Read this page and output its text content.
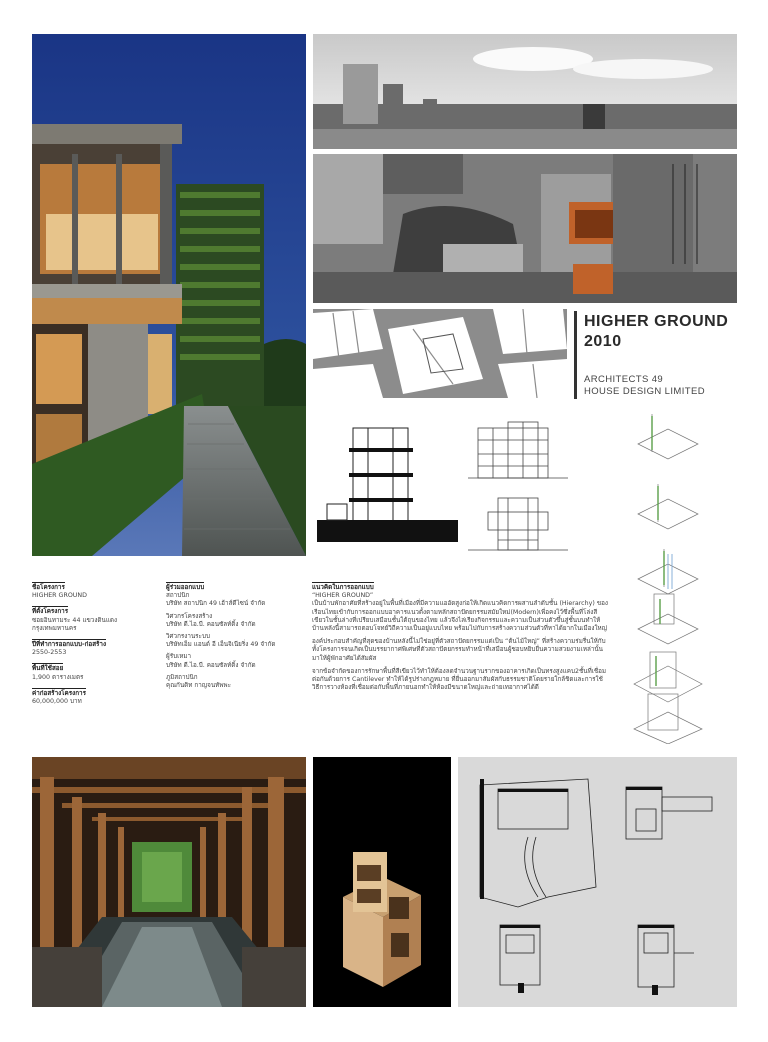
HIGHER GROUND
2010
ARCHITECTS 49
HOUSE DESIGN LIMITED
ชื่อโครงการ
HIGHER GROUND
ที่ตั้งโครงการ
ซอยอินทามระ 44 แขวงดินแดง
กรุงเทพมหานคร
ปีที่ทำการออกแบบ-ก่อสร้าง
2550-2553
พื้นที่ใช้สอย
1,900 ตารางเมตร
ค่าก่อสร้างโครงการ
60,000,000 บาท
ผู้ร่วมออกแบบ
สถาปนิก
บริษัท สถาปนิก 49 เฮ้าส์ดีไซน์ จำกัด
วิศวกรโครงสร้าง
บริษัท ดี.ไอ.บี. คอนซัลท์ติ้ง จำกัด
วิศวกรงานระบบ
บริษัทเอ็ม แอนด์ อี เอ็นจิเนียริ่ง 49 จำกัด
ผู้รับเหมา
บริษัท ดี.ไอ.บี. คอนซัลท์ติ้ง จำกัด
ภูมิสถาปนิก
คุณกันติท กาญจนทัพพะ
แนวคิดในการออกแบบ
“HIGHER GROUND”

เป็นบ้านพักอาศัยที่สร้างอยู่ในพื้นที่เมืองที่มีความแออัดสูงก่อให้เกิดแนวคิดการผสานลำดับชั้น (Hierarchy) ของเรือนไทยเข้ากับการออกแบบอาคารแนวตั้งตามหลักสถาปัตยกรรมสมัยใหม่(Modern)เพื่อคงไว้ซึ่งพื้นที่โล่งสีเขียวในชั้นล่างที่เปรียบเสมือนชั้นใต้ถุนของไทย แล้วจึงไล่เรียงกิจกรรมและความเป็นส่วนตัวขึ้นสู่ชั้นบนทำให้บ้านหลังนี้สามารถตอบโจทย์วิถีความเป็นอยู่แบบไทย พร้อมไปกับการสร้างความส่วนตัวที่หาได้ยากในเมืองใหญ่

องค์ประกอบสำคัญที่สุดของบ้านหลังนี้ไม่ใช่อยู่ที่ตัวสถาปัตยกรรมแต่เป็น “ต้นไม้ใหญ่” ที่สร้างความร่มรื่นให้กับทั้งโครงการจนเกิดเป็นบรรยากาศพิเศษที่ตัวสถาปัตยกรรมทำหน้าที่เสมือนผู้ชอบหยิบยื่นความสวยงามเหล่านั้นมาให้ผู้พักอาศัยได้สัมผัส

จากข้อจำกัดของการรักษาพื้นที่สีเขียวไว้ทำให้ต้องลดจำนวนฐานรากของอาคารเกิดเป็นทรงสูงแคบ2ชั้นที่เชื่อมต่อกันด้วยการ Cantilever ทำให้ได้รูปร่างกฎหมาย ที่ยื่นออกมาสัมผัสกับธรรมชาติโดยรายใกล้ชิดและการใช้วิธีการวางห้องที่เชื่อมต่อกับพื้นที่ภายนอกทำให้ห้องมีขนาดใหญ่และถ่ายเทอากาศได้ดี
